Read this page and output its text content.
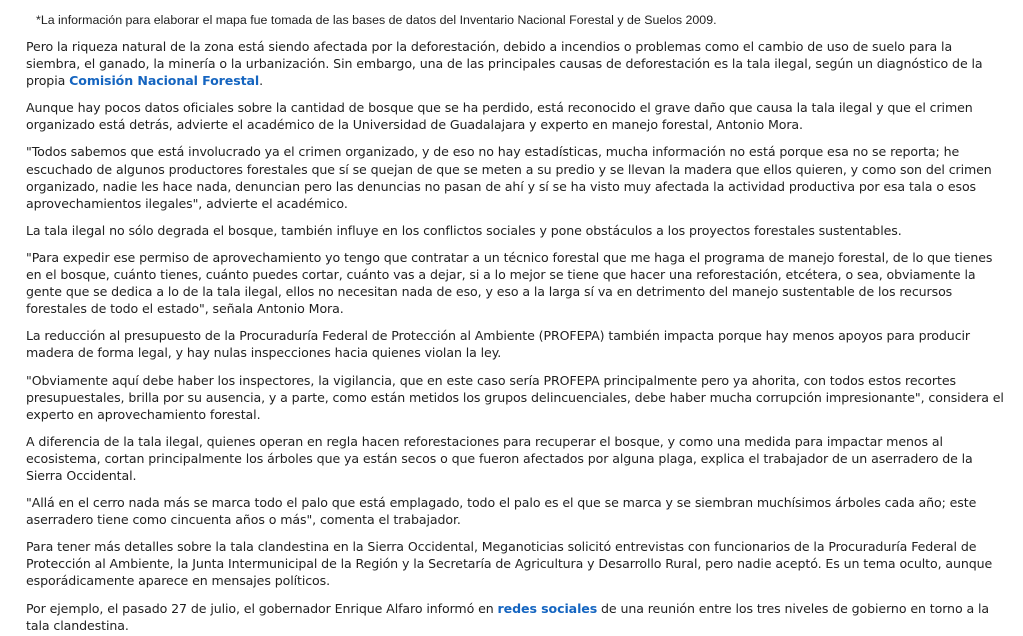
*La información para elaborar el mapa fue tomada de las bases de datos del Inventario Nacional Forestal y de Suelos 2009.

Pero la riqueza natural de la zona está siendo afectada por la deforestación, debido a incendios o problemas como el cambio de uso de suelo para la siembra, el ganado, la minería o la urbanización. Sin embargo, una de las principales causas de deforestación es la tala ilegal, según un diagnóstico de la propia Comisión Nacional Forestal.

Aunque hay pocos datos oficiales sobre la cantidad de bosque que se ha perdido, está reconocido el grave daño que causa la tala ilegal y que el crimen organizado está detrás, advierte el académico de la Universidad de Guadalajara y experto en manejo forestal, Antonio Mora.

"Todos sabemos que está involucrado ya el crimen organizado, y de eso no hay estadísticas, mucha información no está porque esa no se reporta; he escuchado de algunos productores forestales que sí se quejan de que se meten a su predio y se llevan la madera que ellos quieren, y como son del crimen organizado, nadie les hace nada, denuncian pero las denuncias no pasan de ahí y sí se ha visto muy afectada la actividad productiva por esa tala o esos aprovechamientos ilegales", advierte el académico.

La tala ilegal no sólo degrada el bosque, también influye en los conflictos sociales y pone obstáculos a los proyectos forestales sustentables.

"Para expedir ese permiso de aprovechamiento yo tengo que contratar a un técnico forestal que me haga el programa de manejo forestal, de lo que tienes en el bosque, cuánto tienes, cuánto puedes cortar, cuánto vas a dejar, si a lo mejor se tiene que hacer una reforestación, etcétera, o sea, obviamente la gente que se dedica a lo de la tala ilegal, ellos no necesitan nada de eso, y eso a la larga sí va en detrimento del manejo sustentable de los recursos forestales de todo el estado", señala Antonio Mora.

La reducción al presupuesto de la Procuraduría Federal de Protección al Ambiente (PROFEPA) también impacta porque hay menos apoyos para producir madera de forma legal, y hay nulas inspecciones hacia quienes violan la ley.

"Obviamente aquí debe haber los inspectores, la vigilancia, que en este caso sería PROFEPA principalmente pero ya ahorita, con todos estos recortes presupuestales, brilla por su ausencia, y a parte, como están metidos los grupos delincuenciales, debe haber mucha corrupción impresionante", considera el experto en aprovechamiento forestal.

A diferencia de la tala ilegal, quienes operan en regla hacen reforestaciones para recuperar el bosque, y como una medida para impactar menos al ecosistema, cortan principalmente los árboles que ya están secos o que fueron afectados por alguna plaga, explica el trabajador de un aserradero de la Sierra Occidental.

"Allá en el cerro nada más se marca todo el palo que está emplagado, todo el palo es el que se marca y se siembran muchísimos árboles cada año; este aserradero tiene como cincuenta años o más", comenta el trabajador.

Para tener más detalles sobre la tala clandestina en la Sierra Occidental, Meganoticias solicitó entrevistas con funcionarios de la Procuraduría Federal de Protección al Ambiente, la Junta Intermunicipal de la Región y la Secretaría de Agricultura y Desarrollo Rural, pero nadie aceptó. Es un tema oculto, aunque esporádicamente aparece en mensajes políticos.

Por ejemplo, el pasado 27 de julio, el gobernador Enrique Alfaro informó en redes sociales de una reunión entre los tres niveles de gobierno en torno a la tala clandestina.
